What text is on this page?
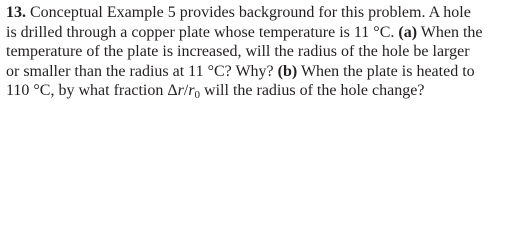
13. Conceptual Example 5 provides background for this problem. A hole
is drilled through a copper plate whose temperature is 11 °C. (a) When the
temperature of the plate is increased, will the radius of the hole be larger
or smaller than the radius at 11 °C? Why? (b) When the plate is heated to
110 °C, by what fraction $\Delta r/r_0$ will the radius of the hole change?
